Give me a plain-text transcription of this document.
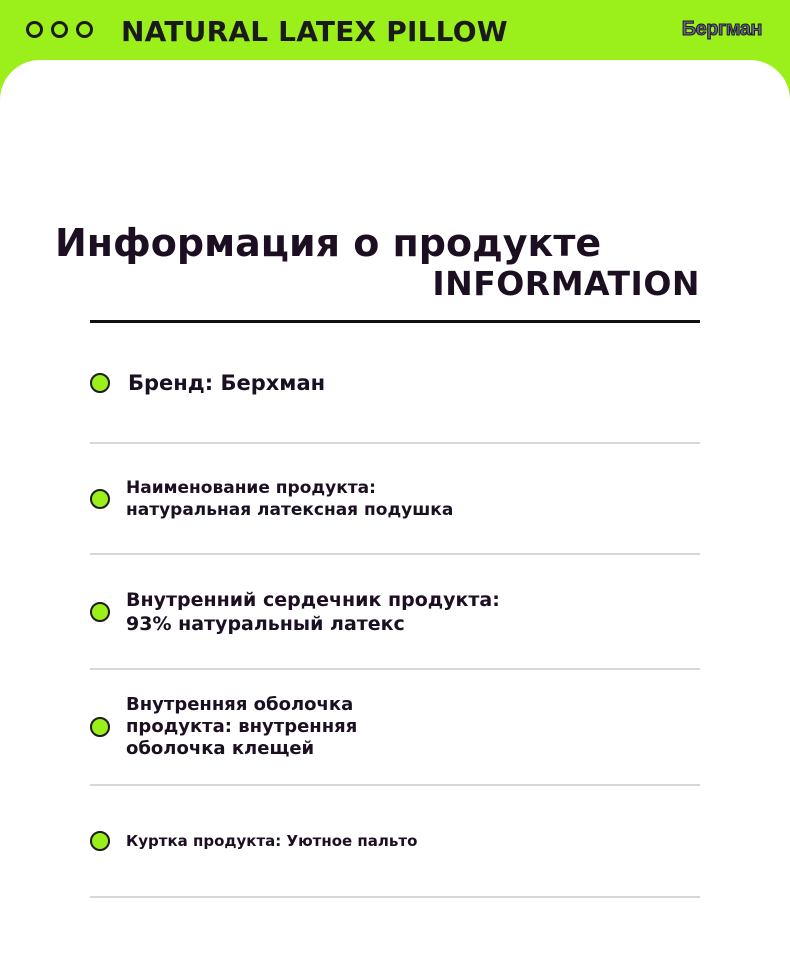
NATURAL LATEX PILLOW	Бергман
Информация о продукте
INFORMATION
Бренд: Берхман
Наименование продукта: натуральная латексная подушка
Внутренний сердечник продукта: 93% натуральный латекс
Внутренняя оболочка продукта: внутренняя оболочка клещей
Куртка продукта: Уютное пальто
